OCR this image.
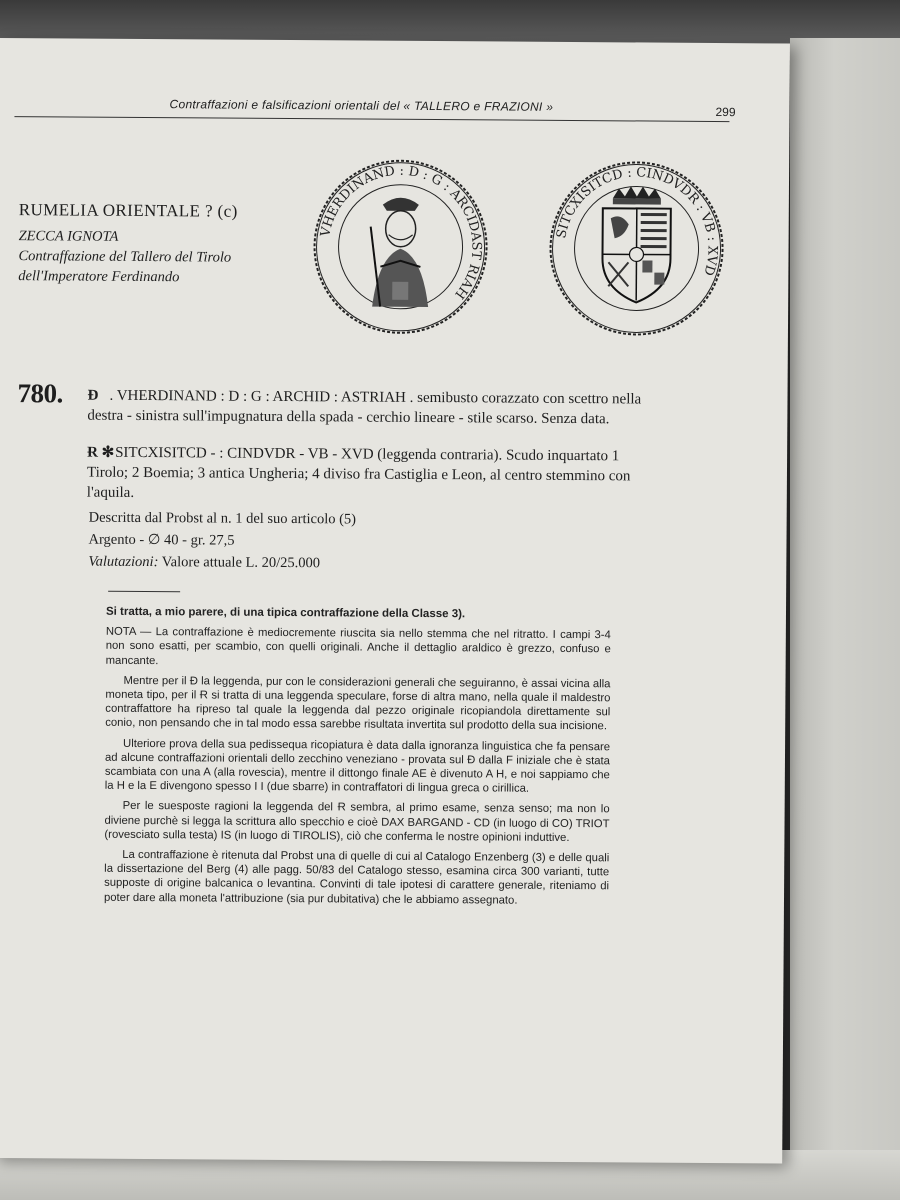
Contraffazioni e falsificazioni orientali del « TALLERO e FRAZIONI »	299
RUMELIA ORIENTALE ? (c)
ZECCA IGNOTA
Contraffazione del Tallero del Tirolo
dell'Imperatore Ferdinando
VHERDINAND : D : G : ARCIDAST RIAH
SITCXISITCD : CINDVDR : VB : XVD
780. Ɖ . VHERDINAND : D : G : ARCHID : ASTRIAH . semibusto corazzato con scettro nella destra - sinistra sull'impugnatura della spada - cerchio lineare - stile scarso. Senza data.
Ɍ ✻SITCXISITCD - : CINDVDR - VB - XVD (leggenda contraria). Scudo inquartato 1 Tirolo; 2 Boemia; 3 antica Ungheria; 4 diviso fra Castiglia e Leon, al centro stemmino con l'aquila.
Descritta dal Probst al n. 1 del suo articolo (5)
Argento - ∅ 40 - gr. 27,5
Valutazioni: Valore attuale L. 20/25.000

Si tratta, a mio parere, di una tipica contraffazione della Classe 3).

NOTA — La contraffazione è mediocremente riuscita sia nello stemma che nel ritratto. I campi 3-4 non sono esatti, per scambio, con quelli originali. Anche il dettaglio araldico è grezzo, confuso e mancante.

Mentre per il Ɖ la leggenda, pur con le considerazioni generali che seguiranno, è assai vicina alla moneta tipo, per il Ɍ si tratta di una leggenda speculare, forse di altra mano, nella quale il maldestro contraffattore ha ripreso tal quale la leggenda dal pezzo originale ricopiandola direttamente sul conio, non pensando che in tal modo essa sarebbe risultata invertita sul prodotto della sua incisione.

Ulteriore prova della sua pedissequa ricopiatura è data dalla ignoranza linguistica che fa pensare ad alcune contraffazioni orientali dello zecchino veneziano - provata sul Ɖ dalla F iniziale che è stata scambiata con una A (alla rovescia), mentre il dittongo finale AE è divenuto A H, e noi sappiamo che la H e la E divengono spesso I I (due sbarre) in contraffatori di lingua greca o cirillica.

Per le suesposte ragioni la leggenda del Ɍ sembra, al primo esame, senza senso; ma non lo diviene purchè si legga la scrittura allo specchio e cioè DAX BARGAND - CD (in luogo di CO) TRIOT (rovesciato sulla testa) IS (in luogo di TIROLIS), ciò che conferma le nostre opinioni induttive.

La contraffazione è ritenuta dal Probst una di quelle di cui al Catalogo Enzenberg (3) e delle quali la dissertazione del Berg (4) alle pagg. 50/83 del Catalogo stesso, esamina circa 300 varianti, tutte supposte di origine balcanica o levantina. Convinti di tale ipotesi di carattere generale, riteniamo di poter dare alla moneta l'attribuzione (sia pur dubitativa) che le abbiamo assegnato.
